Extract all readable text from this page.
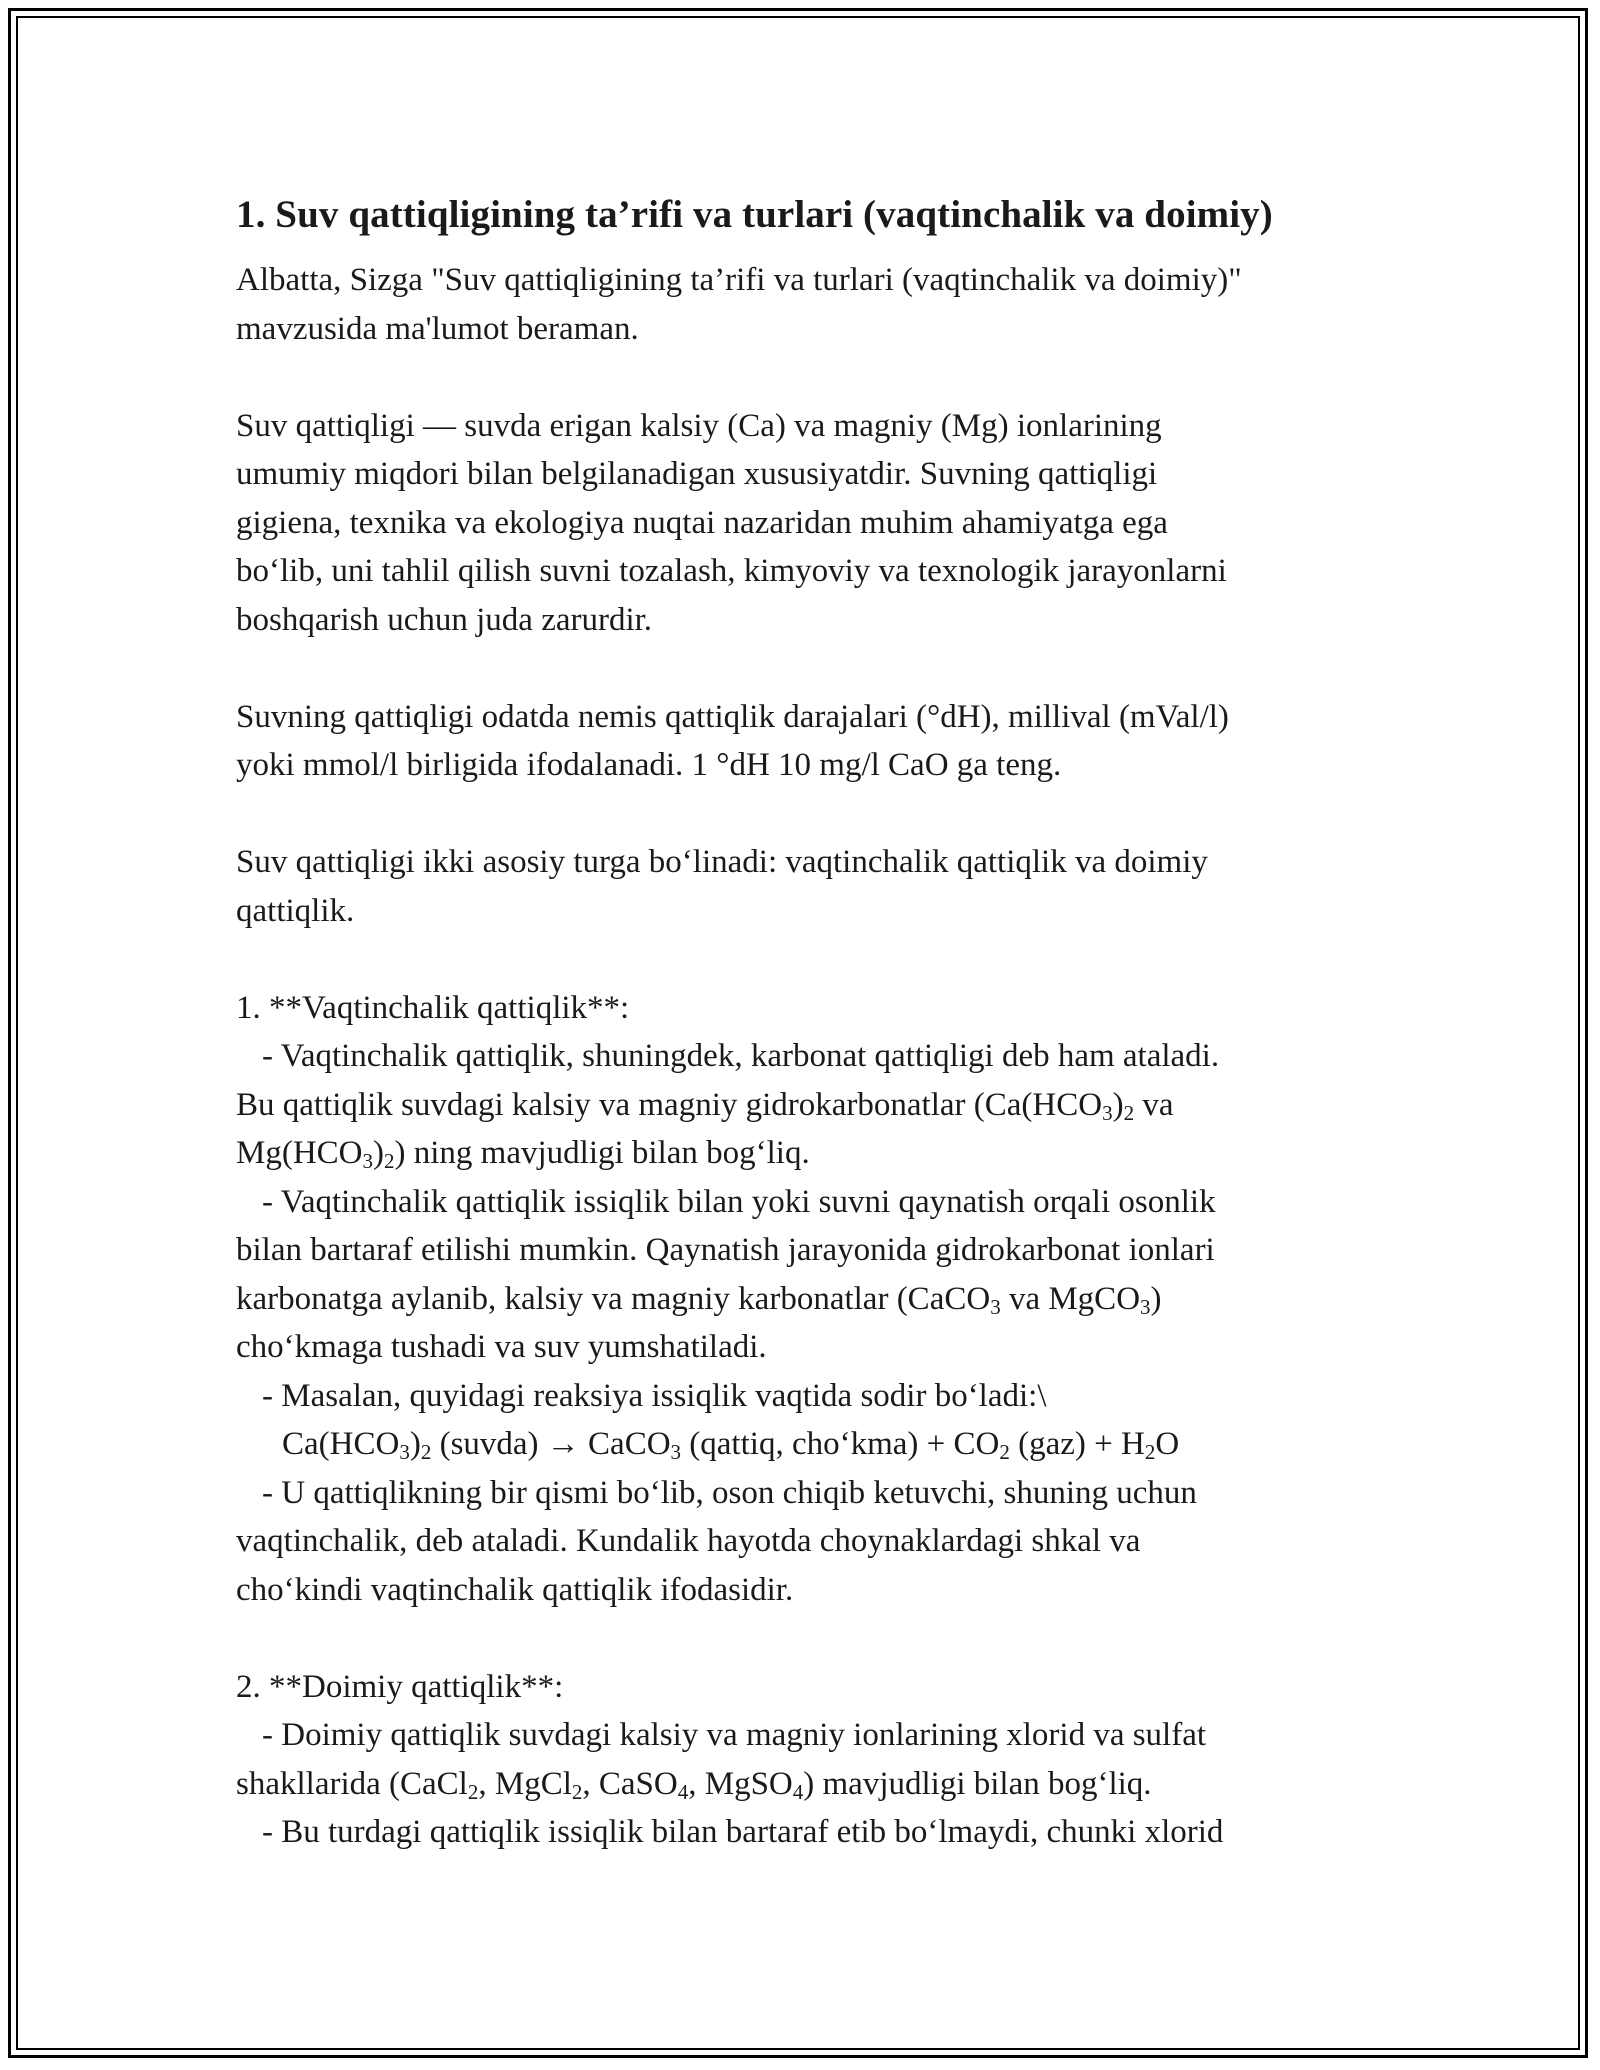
1. Suv qattiqligining ta’rifi va turlari (vaqtinchalik va doimiy)

Albatta, Sizga "Suv qattiqligining ta’rifi va turlari (vaqtinchalik va doimiy)"

mavzusida ma'lumot beraman.

Suv qattiqligi — suvda erigan kalsiy (Ca) va magniy (Mg) ionlarining

umumiy miqdori bilan belgilanadigan xususiyatdir. Suvning qattiqligi

gigiena, texnika va ekologiya nuqtai nazaridan muhim ahamiyatga ega

bo‘lib, uni tahlil qilish suvni tozalash, kimyoviy va texnologik jarayonlarni

boshqarish uchun juda zarurdir.

Suvning qattiqligi odatda nemis qattiqlik darajalari (°dH), millival (mVal/l)

yoki mmol/l birligida ifodalanadi. 1 °dH 10 mg/l CaO ga teng.

Suv qattiqligi ikki asosiy turga bo‘linadi: vaqtinchalik qattiqlik va doimiy

qattiqlik.

1. **Vaqtinchalik qattiqlik**:

- Vaqtinchalik qattiqlik, shuningdek, karbonat qattiqligi deb ham ataladi.

Bu qattiqlik suvdagi kalsiy va magniy gidrokarbonatlar ($Ca(HCO_3)_2$ va

$Mg(HCO_3)_2$) ning mavjudligi bilan bog‘liq.

- Vaqtinchalik qattiqlik issiqlik bilan yoki suvni qaynatish orqali osonlik

bilan bartaraf etilishi mumkin. Qaynatish jarayonida gidrokarbonat ionlari

karbonatga aylanib, kalsiy va magniy karbonatlar (CaCO$_3$ va MgCO$_3$)

cho‘kmaga tushadi va suv yumshatiladi.

- Masalan, quyidagi reaksiya issiqlik vaqtida sodir bo‘ladi:\

$Ca(HCO_3)_2$ (suvda) → CaCO$_3$ (qattiq, cho‘kma) + $CO_2$ $(gaz) + H_2O$

- U qattiqlikning bir qismi bo‘lib, oson chiqib ketuvchi, shuning uchun

vaqtinchalik, deb ataladi. Kundalik hayotda choynaklardagi shkal va

cho‘kindi vaqtinchalik qattiqlik ifodasidir.

2. **Doimiy qattiqlik**:

- Doimiy qattiqlik suvdagi kalsiy va magniy ionlarining xlorid va sulfat

shakllarida (CaCl$_2$, MgCl$_2$, CaSO$_4$, MgSO$_4$) mavjudligi bilan bog‘liq.

- Bu turdagi qattiqlik issiqlik bilan bartaraf etib bo‘lmaydi, chunki xlorid
